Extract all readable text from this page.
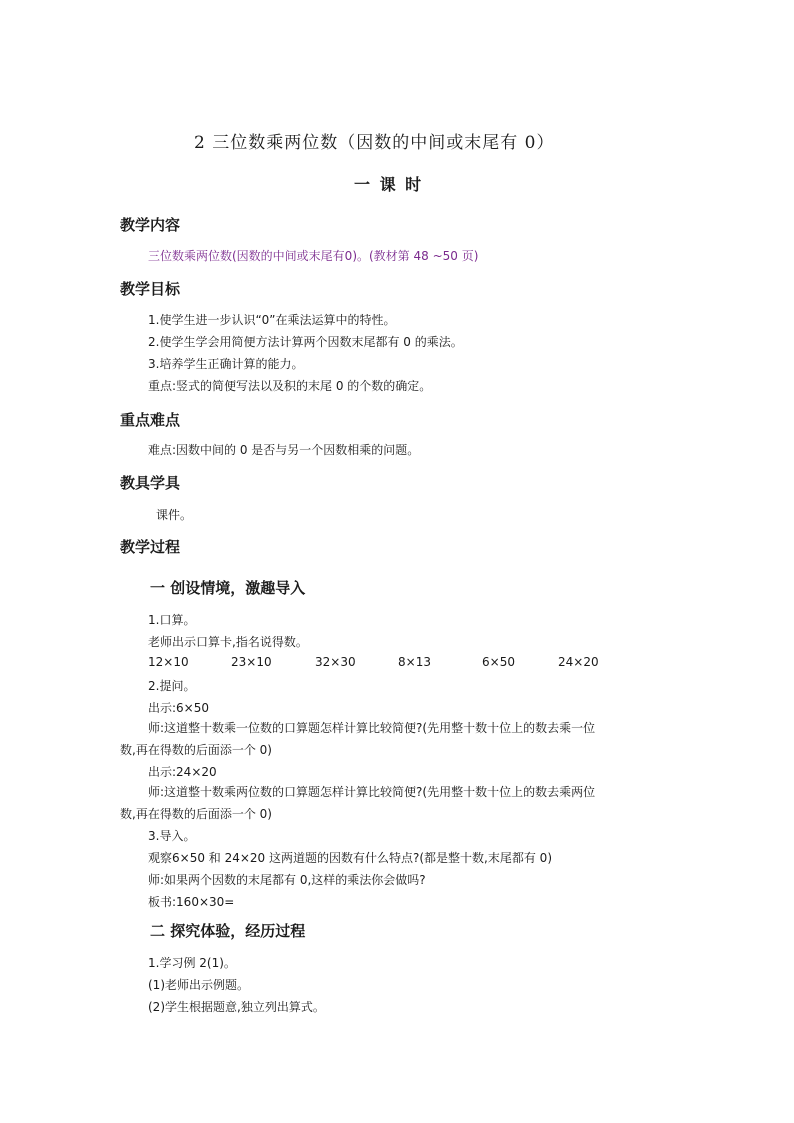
2 三位数乘两位数（因数的中间或末尾有 0）
一 课 时
教学内容
三位数乘两位数(因数的中间或末尾有0)。(教材第 48 ~50 页)
教学目标
1.使学生进一步认识“0”在乘法运算中的特性。
2.使学生学会用简便方法计算两个因数末尾都有 0 的乘法。
3.培养学生正确计算的能力。
重点:竖式的简便写法以及积的末尾 0 的个数的确定。
重点难点
难点:因数中间的 0 是否与另一个因数相乘的问题。
教具学具
课件。
教学过程
一 创设情境，激趣导入
1.口算。
老师出示口算卡,指名说得数。
12×10	23×10	32×30	8×13	6×50	24×20
2.提问。
出示:6×50
师:这道整十数乘一位数的口算题怎样计算比较简便?(先用整十数十位上的数去乘一位
数,再在得数的后面添一个 0)
出示:24×20
师:这道整十数乘两位数的口算题怎样计算比较简便?(先用整十数十位上的数去乘两位
数,再在得数的后面添一个 0)
3.导入。
观察6×50 和 24×20 这两道题的因数有什么特点?(都是整十数,末尾都有 0)
师:如果两个因数的末尾都有 0,这样的乘法你会做吗?
板书:160×30=
二 探究体验，经历过程
1.学习例 2(1)。
(1)老师出示例题。
(2)学生根据题意,独立列出算式。
